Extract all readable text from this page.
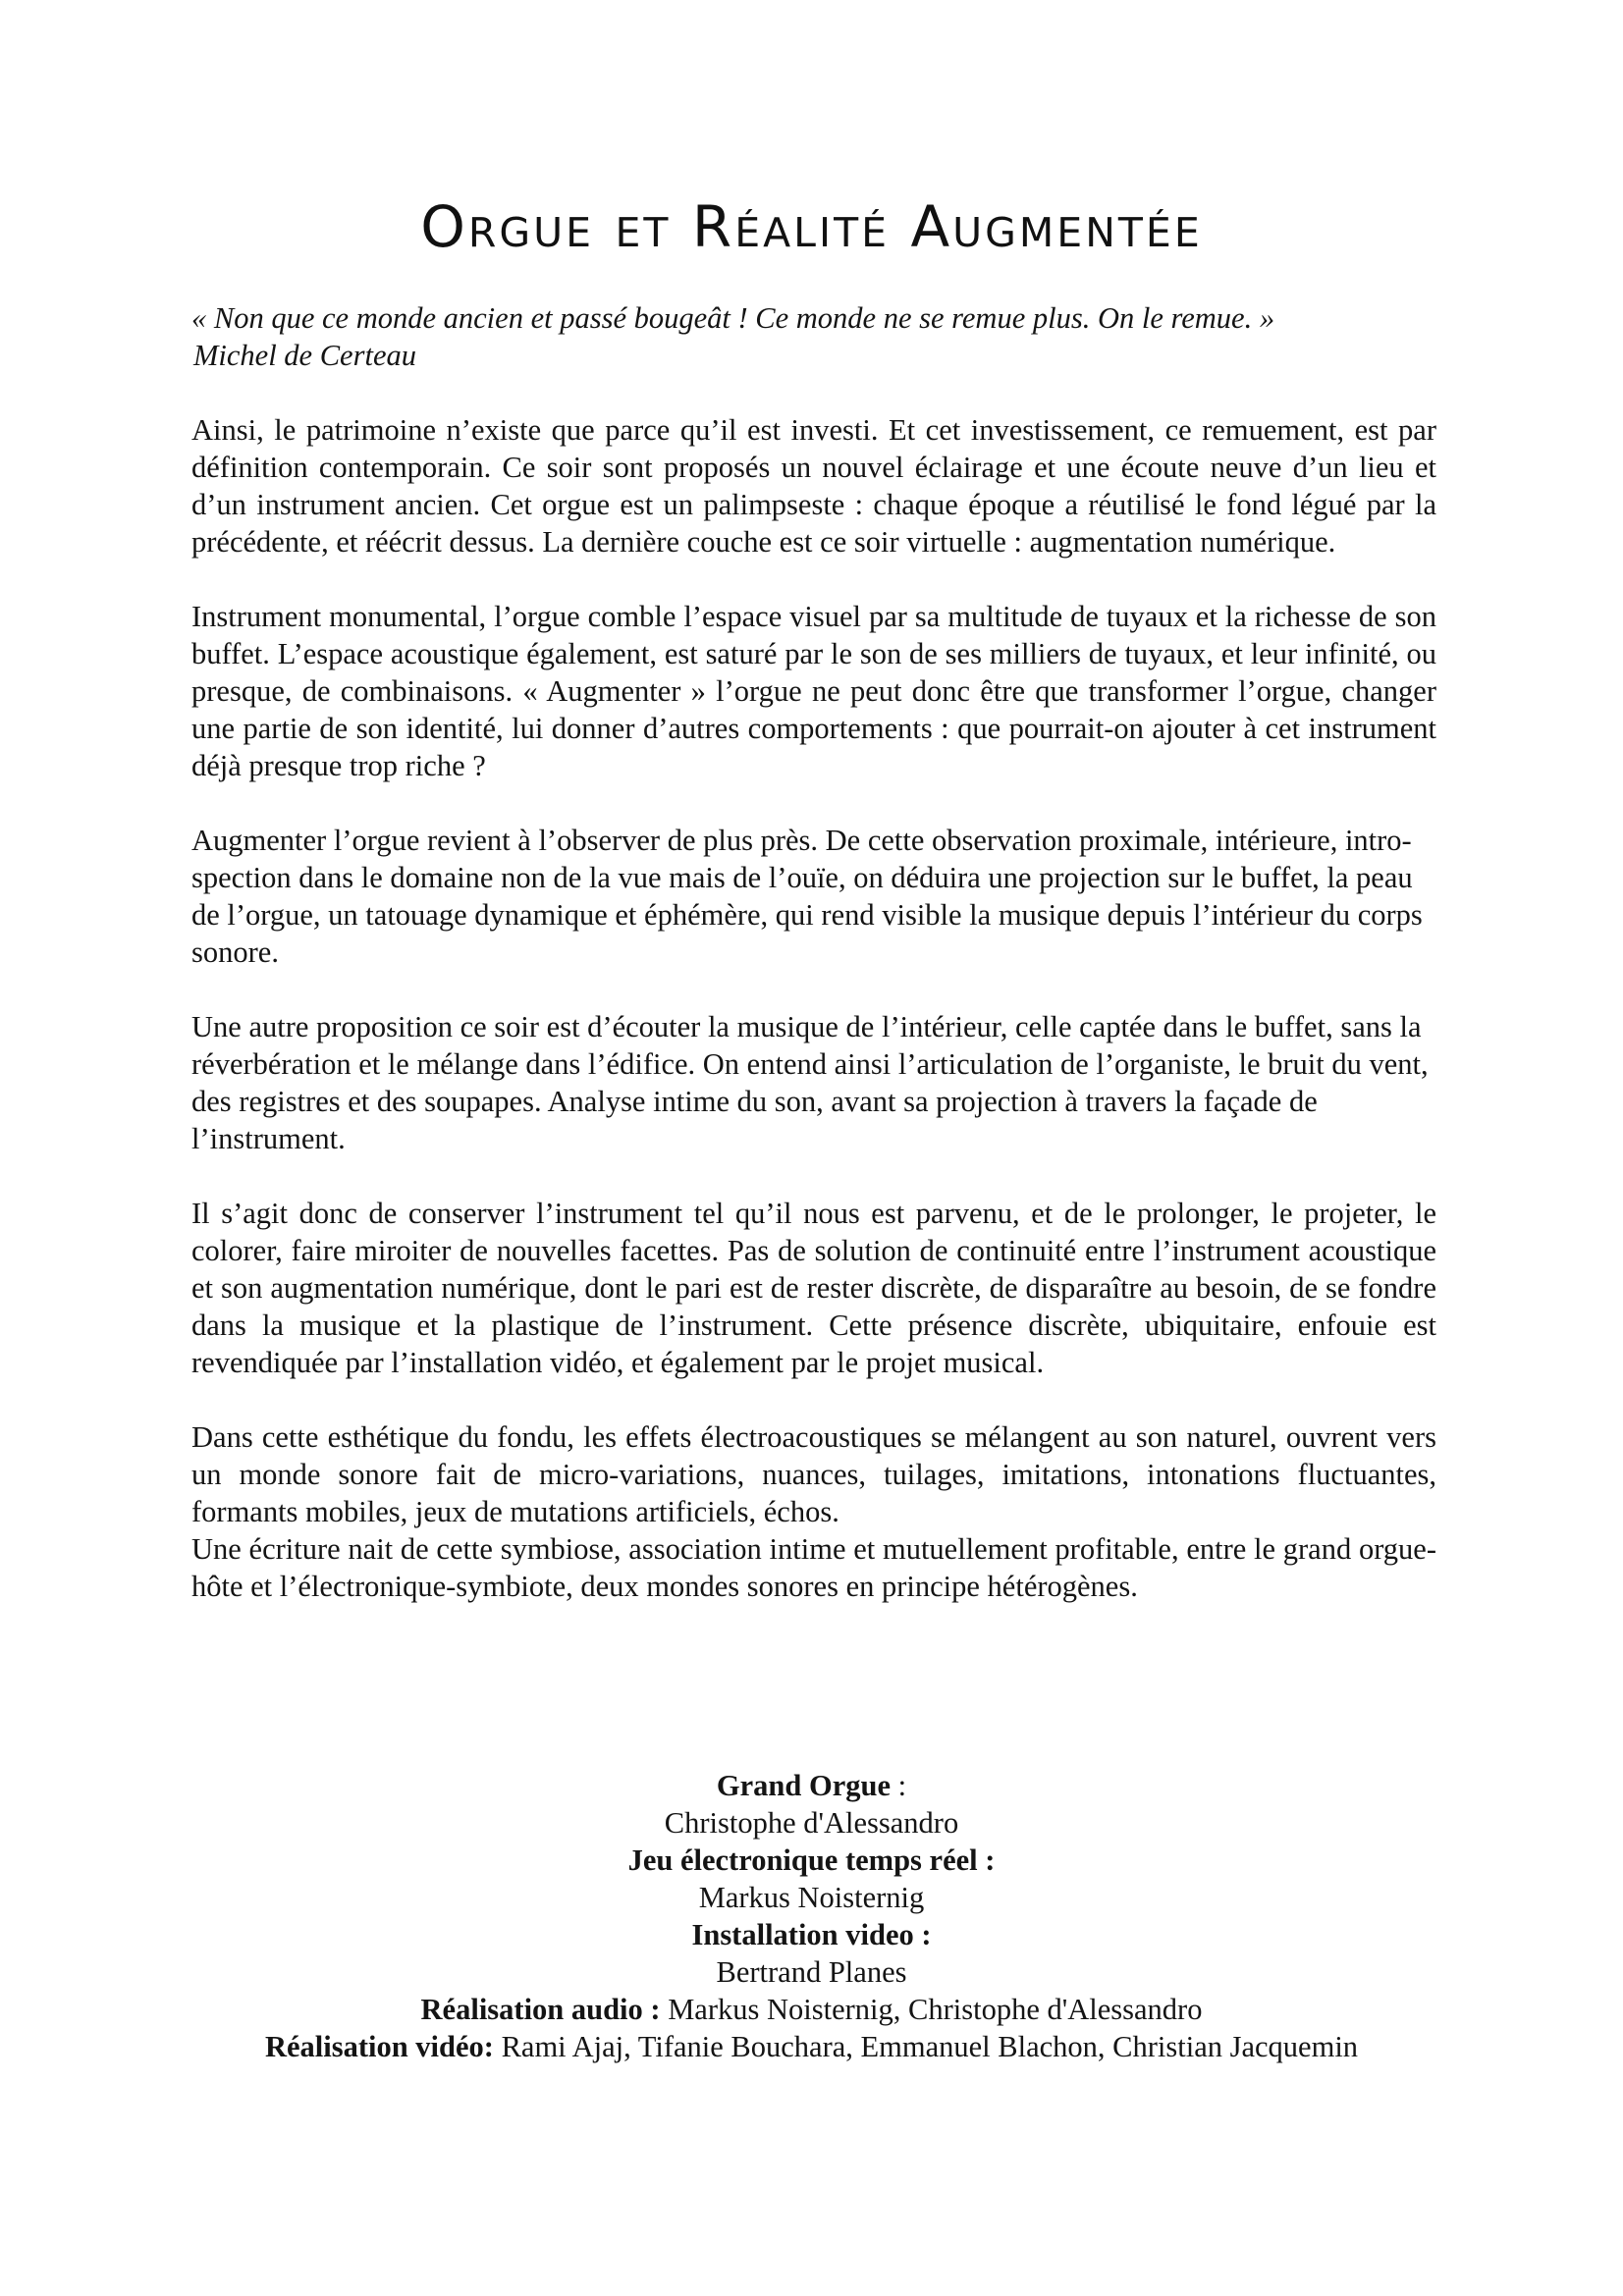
Orgue et Réalité Augmentée

« Non que ce monde ancien et passé bougeât ! Ce monde ne se remue plus. On le remue. »

Michel de Certeau

Ainsi, le patrimoine n’existe que parce qu’il est investi. Et cet investissement, ce remuement, est par définition contemporain. Ce soir sont proposés un nouvel éclairage et une écoute neuve d’un lieu et d’un instrument ancien. Cet orgue est un palimpseste : chaque époque a réutilisé le fond légué par la précédente, et réécrit dessus. La dernière couche est ce soir virtuelle : augmentation numérique.

Instrument monumental, l’orgue comble l’espace visuel par sa multitude de tuyaux et la richesse de son buffet. L’espace acoustique également, est saturé par le son de ses milliers de tuyaux, et leur infinité, ou presque, de combinaisons. « Augmenter » l’orgue ne peut donc être que transformer l’orgue, changer une partie de son identité, lui donner d’autres comportements : que pourrait-on ajouter à cet instrument déjà presque trop riche ?

Augmenter l’orgue revient à l’observer de plus près. De cette observation proximale, intérieure, intro-spection dans le domaine non de la vue mais de l’ouïe, on déduira une projection sur le buffet, la peau de l’orgue, un tatouage dynamique et éphémère, qui rend visible la musique depuis l’intérieur du corps sonore.

Une autre proposition ce soir est d’écouter la musique de l’intérieur, celle captée dans le buffet, sans la réverbération et le mélange dans l’édifice. On entend ainsi l’articulation de l’organiste, le bruit du vent, des registres et des soupapes. Analyse intime du son, avant sa projection à travers la façade de l’instrument.

Il s’agit donc de conserver l’instrument tel qu’il nous est parvenu, et de le prolonger, le projeter, le colorer, faire miroiter de nouvelles facettes. Pas de solution de continuité entre l’instrument acoustique et son augmentation numérique, dont le pari est de rester discrète, de disparaître au besoin, de se fondre dans la musique et la plastique de l’instrument. Cette présence discrète, ubiquitaire, enfouie est revendiquée par l’installation vidéo, et également par le projet musical.

Dans cette esthétique du fondu, les effets électroacoustiques se mélangent au son naturel, ouvrent vers un monde sonore fait de micro-variations, nuances, tuilages, imitations, intonations fluctuantes, formants mobiles, jeux de mutations artificiels, échos.

Une écriture nait de cette symbiose, association intime et mutuellement profitable, entre le grand orgue-hôte et l’électronique-symbiote, deux mondes sonores en principe hétérogènes.

Grand Orgue :
Christophe d'Alessandro
Jeu électronique temps réel :
Markus Noisternig
Installation video :
Bertrand Planes
Réalisation audio : Markus Noisternig, Christophe d'Alessandro
Réalisation vidéo: Rami Ajaj, Tifanie Bouchara, Emmanuel Blachon, Christian Jacquemin
